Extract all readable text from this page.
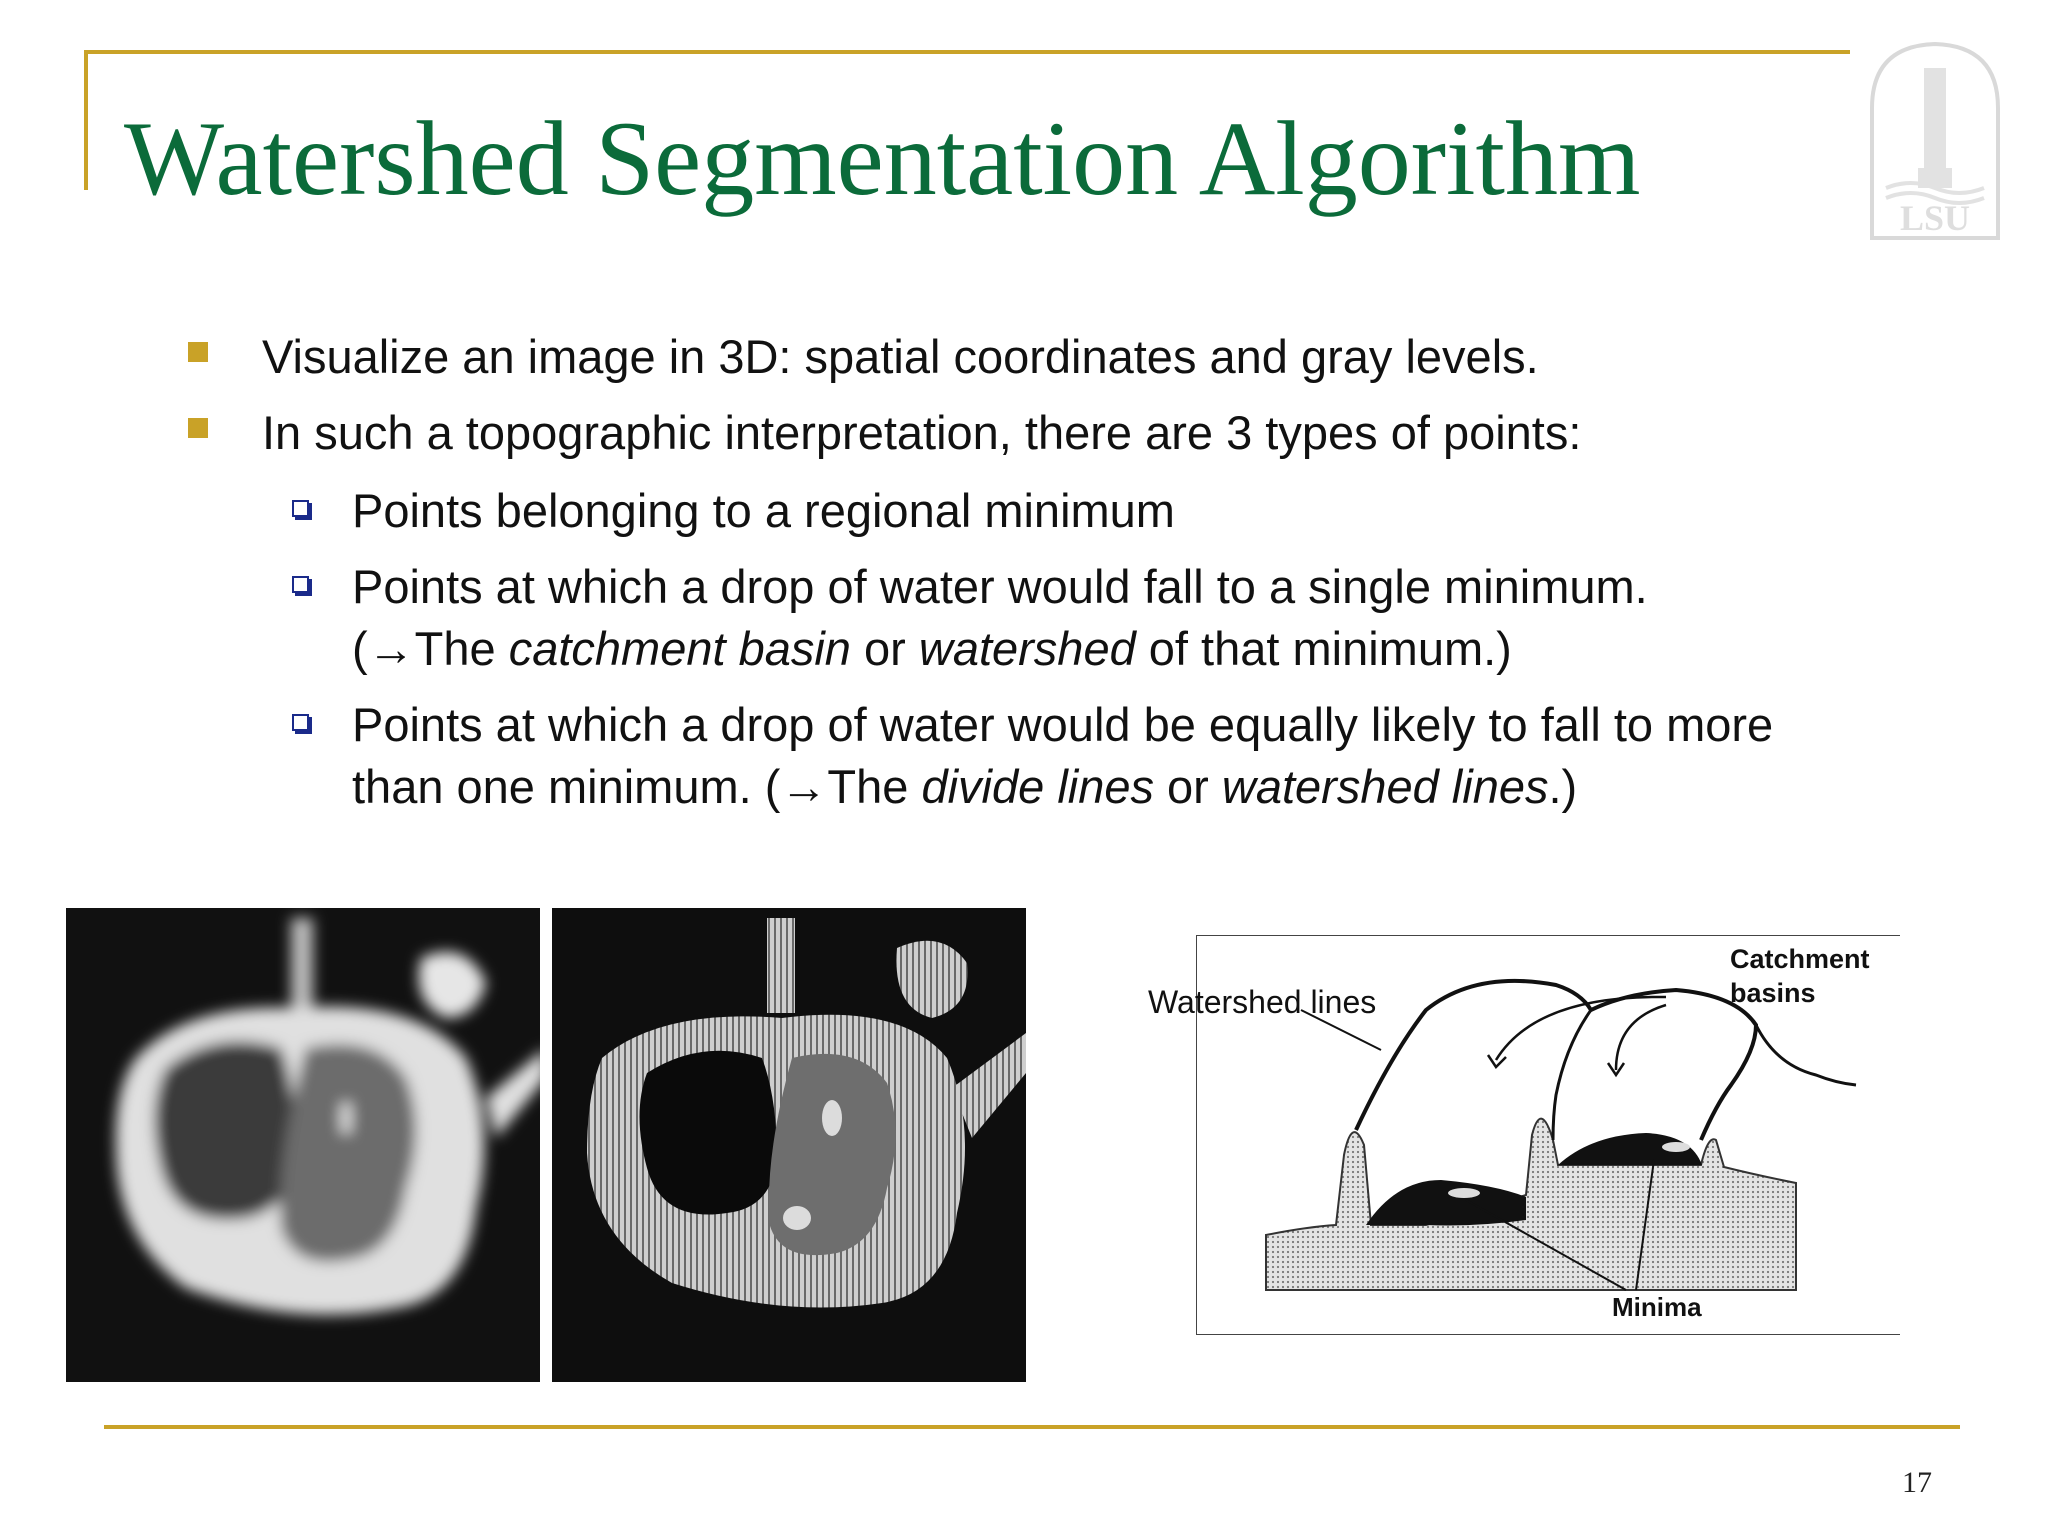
Watershed Segmentation Algorithm
LSU
Visualize an image in 3D: spatial coordinates and gray levels.
In such a topographic interpretation, there are 3 types of points:
Points belonging to a regional minimum
Points at which a drop of water would fall to a single minimum.
(→The catchment basin or watershed of that minimum.)
Points at which a drop of water would be equally likely to fall to more
than one minimum. (→The divide lines or watershed lines.)
Watershed lines
Catchment
basins
Minima
17
